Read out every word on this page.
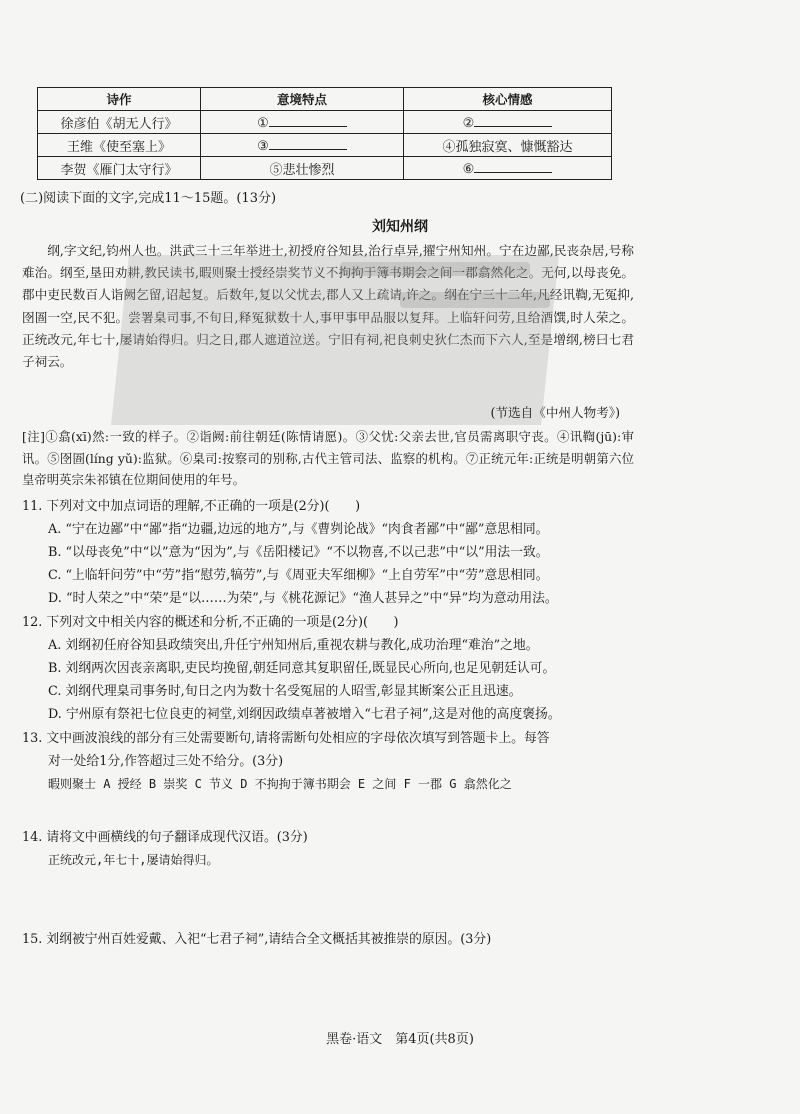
诗作	意境特点	核心情感
徐彦伯《胡无人行》	①	②
王维《使至塞上》	③	④孤独寂寞、慷慨豁达
李贺《雁门太守行》	⑤悲壮惨烈	⑥
(二)阅读下面的文字,完成11～15题。(13分)
刘知州纲
纲,字文纪,钧州人也。洪武三十三年举进士,初授府谷知县,治行卓异,擢宁州知州。宁在边鄙,民丧杂居,号称难治。纲至,垦田劝耕,教民读书,暇则聚士授经崇奖节义不拘拘于簿书期会之间一郡翕然化之。无何,以母丧免。郡中吏民数百人诣阙乞留,诏起复。后数年,复以父忧去,郡人又上疏请,许之。纲在宁三十二年,凡经讯鞫,无冤抑,囹圄一空,民不犯。尝署臬司事,不旬日,释冤狱数十人,事甲事甲品服以复拜。上临轩问劳,且给酒馔,时人荣之。正统改元,年七十,屡请始得归。归之日,郡人遮道泣送。宁旧有祠,祀良刺史狄仁杰而下六人,至是增纲,榜曰七君子祠云。
(节选自《中州人物考》)
[注]①翕(xī)然:一致的样子。②诣阙:前往朝廷(陈情请愿)。③父忧:父亲去世,官员需离职守丧。④讯鞫(jū):审讯。⑤囹圄(líng yǔ):监狱。⑥臬司:按察司的别称,古代主管司法、监察的机构。⑦正统元年:正统是明朝第六位皇帝明英宗朱祁镇在位期间使用的年号。
11. 下列对文中加点词语的理解,不正确的一项是(2分)(　　)
A. “宁在边鄙”中“鄙”指“边疆,边远的地方”,与《曹刿论战》“肉食者鄙”中“鄙”意思相同。
B. “以母丧免”中“以”意为“因为”,与《岳阳楼记》“不以物喜,不以己悲”中“以”用法一致。
C. “上临轩问劳”中“劳”指“慰劳,犒劳”,与《周亚夫军细柳》“上自劳军”中“劳”意思相同。
D. “时人荣之”中“荣”是“以……为荣”,与《桃花源记》“渔人甚异之”中“异”均为意动用法。
12. 下列对文中相关内容的概述和分析,不正确的一项是(2分)(　　)
A. 刘纲初任府谷知县政绩突出,升任宁州知州后,重视农耕与教化,成功治理“难治”之地。
B. 刘纲两次因丧亲离职,吏民均挽留,朝廷同意其复职留任,既显民心所向,也足见朝廷认可。
C. 刘纲代理臬司事务时,旬日之内为数十名受冤屈的人昭雪,彰显其断案公正且迅速。
D. 宁州原有祭祀七位良吏的祠堂,刘纲因政绩卓著被增入“七君子祠”,这是对他的高度褒扬。
13. 文中画波浪线的部分有三处需要断句,请将需断句处相应的字母依次填写到答题卡上。每答
对一处给1分,作答超过三处不给分。(3分)
暇则聚士 A 授经 B 崇奖 C 节义 D 不拘拘于簿书期会 E 之间 F 一郡 G 翕然化之
14. 请将文中画横线的句子翻译成现代汉语。(3分)
正统改元,年七十,屡请始得归。
15. 刘纲被宁州百姓爱戴、入祀“七君子祠”,请结合全文概括其被推崇的原因。(3分)
黑卷·语文　第4页(共8页)
